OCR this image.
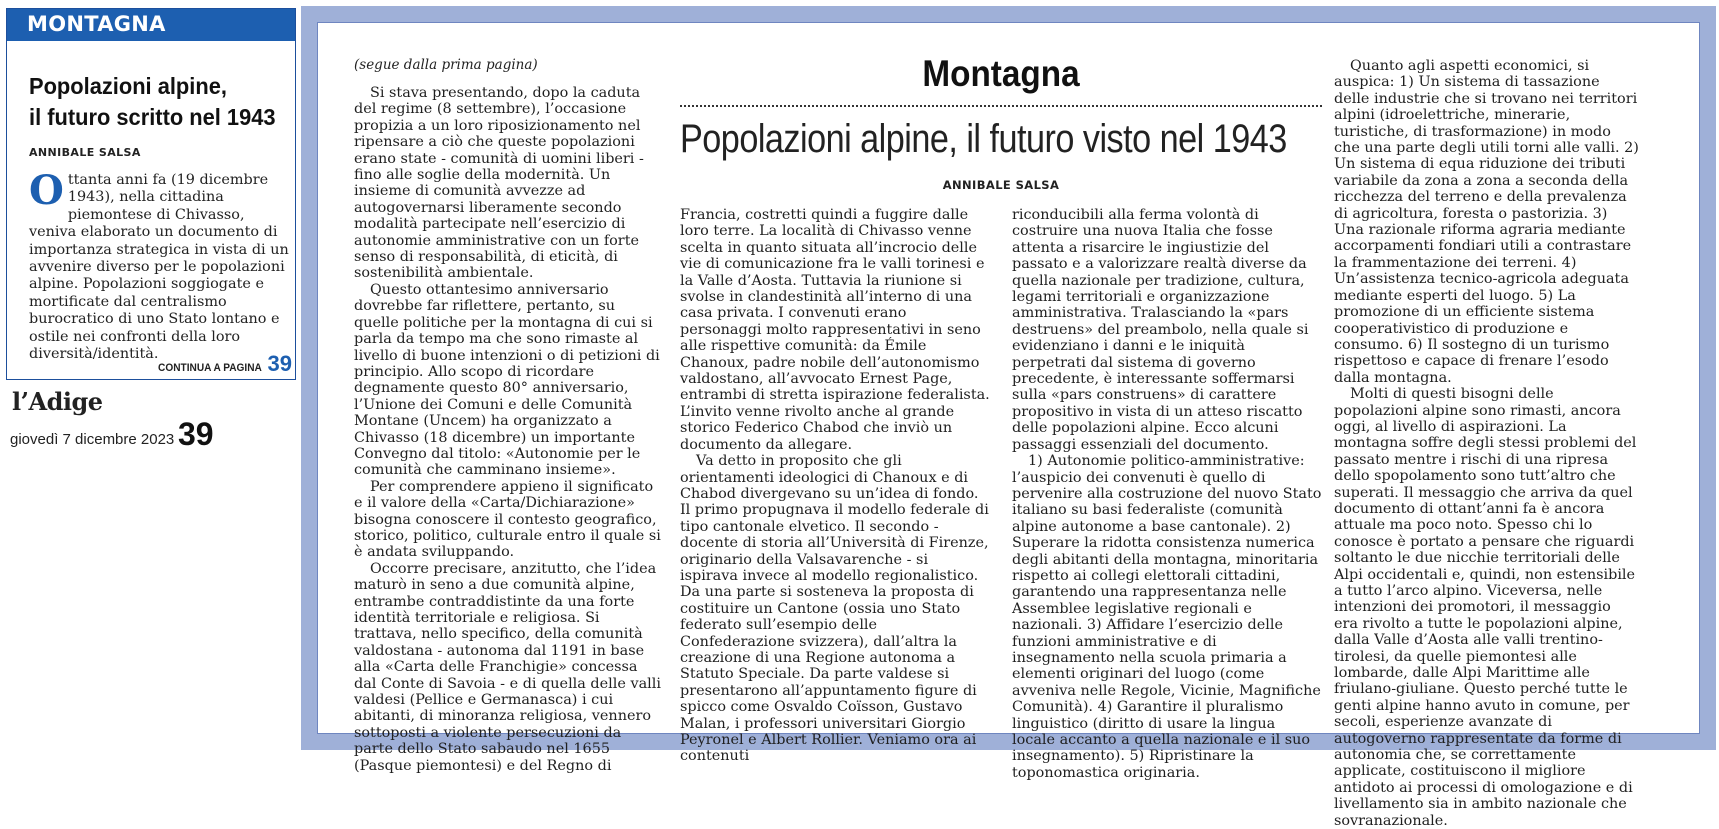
MONTAGNA
Popolazioni alpine,
il futuro scritto nel 1943
ANNIBALE SALSA
Ottanta anni fa (19 dicembre 1943), nella cittadina piemontese di Chivasso, veniva elaborato un documento di importanza strategica in vista di un avvenire diverso per le popolazioni alpine. Popolazioni soggiogate e mortificate dal centralismo burocratico di uno Stato lontano e ostile nei confronti della loro diversità/identità.
CONTINUA A PAGINA 39
l’Adige
giovedì 7 dicembre 2023 39
(segue dalla prima pagina)

Si stava presentando, dopo la caduta del regime (8 settembre), l’occasione propizia a un loro riposizionamento nel ripensare a ciò che queste popolazioni erano state - comunità di uomini liberi - fino alle soglie della modernità. Un insieme di comunità avvezze ad autogovernarsi liberamente secondo modalità partecipate nell’esercizio di autonomie amministrative con un forte senso di responsabilità, di eticità, di sostenibilità ambientale.

Questo ottantesimo anniversario dovrebbe far riflettere, pertanto, su quelle politiche per la montagna di cui si parla da tempo ma che sono rimaste al livello di buone intenzioni o di petizioni di principio. Allo scopo di ricordare degnamente questo 80° anniversario, l’Unione dei Comuni e delle Comunità Montane (Uncem) ha organizzato a Chivasso (18 dicembre) un importante Convegno dal titolo: «Autonomie per le comunità che camminano insieme».

Per comprendere appieno il significato e il valore della «Carta/Dichiarazione» bisogna conoscere il contesto geografico, storico, politico, culturale entro il quale si è andata sviluppando.

Occorre precisare, anzitutto, che l’idea maturò in seno a due comunità alpine, entrambe contraddistinte da una forte identità territoriale e religiosa. Si trattava, nello specifico, della comunità valdostana - autonoma dal 1191 in base alla «Carta delle Franchigie» concessa dal Conte di Savoia - e di quella delle valli valdesi (Pellice e Germanasca) i cui abitanti, di minoranza religiosa, vennero sottoposti a violente persecuzioni da parte dello Stato sabaudo nel 1655 (Pasque piemontesi) e del Regno di

Montagna
Popolazioni alpine, il futuro visto nel 1943
ANNIBALE SALSA

Francia, costretti quindi a fuggire dalle loro terre. La località di Chivasso venne scelta in quanto situata all’incrocio delle vie di comunicazione fra le valli torinesi e la Valle d’Aosta. Tuttavia la riunione si svolse in clandestinità all’interno di una casa privata. I convenuti erano personaggi molto rappresentativi in seno alle rispettive comunità: da Émile Chanoux, padre nobile dell’autonomismo valdostano, all’avvocato Ernest Page, entrambi di stretta ispirazione federalista. L’invito venne rivolto anche al grande storico Federico Chabod che inviò un documento da allegare.

Va detto in proposito che gli orientamenti ideologici di Chanoux e di Chabod divergevano su un’idea di fondo. Il primo propugnava il modello federale di tipo cantonale elvetico. Il secondo - docente di storia all’Università di Firenze, originario della Valsavarenche - si ispirava invece al modello regionalistico. Da una parte si sosteneva la proposta di costituire un Cantone (ossia uno Stato federato sull’esempio delle Confederazione svizzera), dall’altra la creazione di una Regione autonoma a Statuto Speciale. Da parte valdese si presentarono all’appuntamento figure di spicco come Osvaldo Coïsson, Gustavo Malan, i professori universitari Giorgio Peyronel e Albert Rollier. Veniamo ora ai contenuti

riconducibili alla ferma volontà di costruire una nuova Italia che fosse attenta a risarcire le ingiustizie del passato e a valorizzare realtà diverse da quella nazionale per tradizione, cultura, legami territoriali e organizzazione amministrativa. Tralasciando la «pars destruens» del preambolo, nella quale si evidenziano i danni e le iniquità perpetrati dal sistema di governo precedente, è interessante soffermarsi sulla «pars construens» di carattere propositivo in vista di un atteso riscatto delle popolazioni alpine. Ecco alcuni passaggi essenziali del documento.

1) Autonomie politico-amministrative: l’auspicio dei convenuti è quello di pervenire alla costruzione del nuovo Stato italiano su basi federaliste (comunità alpine autonome a base cantonale). 2) Superare la ridotta consistenza numerica degli abitanti della montagna, minoritaria rispetto ai collegi elettorali cittadini, garantendo una rappresentanza nelle Assemblee legislative regionali e nazionali. 3) Affidare l’esercizio delle funzioni amministrative e di insegnamento nella scuola primaria a elementi originari del luogo (come avveniva nelle Regole, Vicinie, Magnifiche Comunità). 4) Garantire il pluralismo linguistico (diritto di usare la lingua locale accanto a quella nazionale e il suo insegnamento). 5) Ripristinare la toponomastica originaria.

Quanto agli aspetti economici, si auspica: 1) Un sistema di tassazione delle industrie che si trovano nei territori alpini (idroelettriche, minerarie, turistiche, di trasformazione) in modo che una parte degli utili torni alle valli. 2) Un sistema di equa riduzione dei tributi variabile da zona a zona a seconda della ricchezza del terreno e della prevalenza di agricoltura, foresta o pastorizia. 3) Una razionale riforma agraria mediante accorpamenti fondiari utili a contrastare la frammentazione dei terreni. 4) Un’assistenza tecnico-agricola adeguata mediante esperti del luogo. 5) La promozione di un efficiente sistema cooperativistico di produzione e consumo. 6) Il sostegno di un turismo rispettoso e capace di frenare l’esodo dalla montagna.

Molti di questi bisogni delle popolazioni alpine sono rimasti, ancora oggi, al livello di aspirazioni. La montagna soffre degli stessi problemi del passato mentre i rischi di una ripresa dello spopolamento sono tutt’altro che superati. Il messaggio che arriva da quel documento di ottant’anni fa è ancora attuale ma poco noto. Spesso chi lo conosce è portato a pensare che riguardi soltanto le due nicchie territoriali delle Alpi occidentali e, quindi, non estensibile a tutto l’arco alpino. Viceversa, nelle intenzioni dei promotori, il messaggio era rivolto a tutte le popolazioni alpine, dalla Valle d’Aosta alle valli trentino-tirolesi, da quelle piemontesi alle lombarde, dalle Alpi Marittime alle friulano-giuliane. Questo perché tutte le genti alpine hanno avuto in comune, per secoli, esperienze avanzate di autogoverno rappresentate da forme di autonomia che, se correttamente applicate, costituiscono il migliore antidoto ai processi di omologazione e di livellamento sia in ambito nazionale che sovranazionale.
